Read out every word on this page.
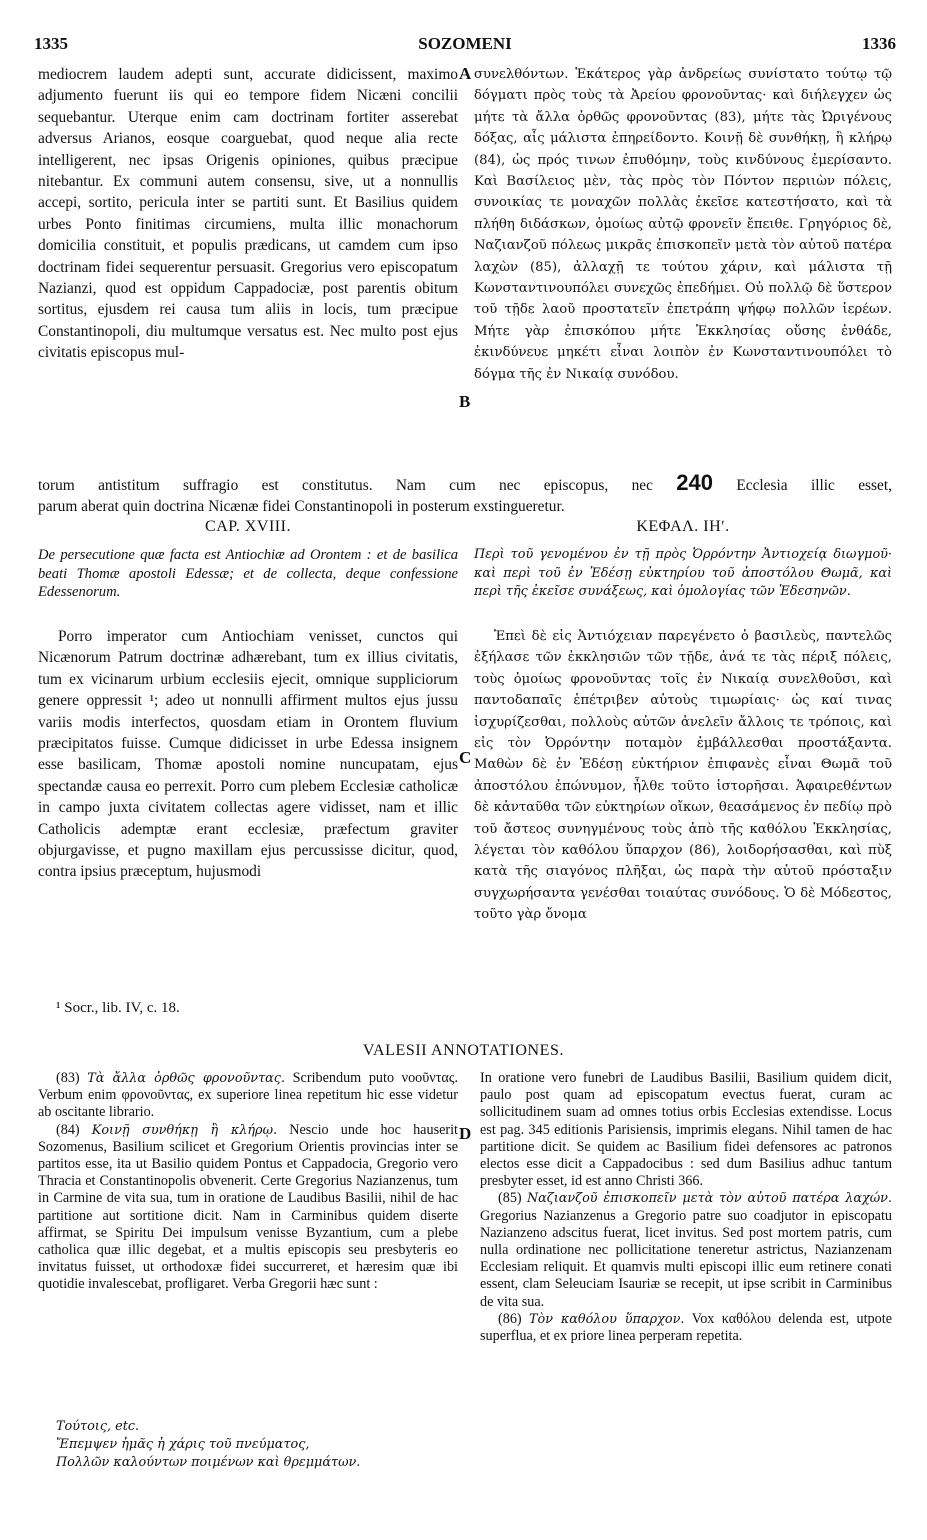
SOZOMENI
1335	1336

mediocrem laudem adepti sunt, accurate didicissent, maximo adjumento fuerunt iis qui eo tempore fidem Nicæni concilii sequebantur. Uterque enim cam doctrinam fortiter asserebat adversus Arianos, eosque coarguebat, quod neque alia recte intelligerent, nec ipsas Origenis opiniones, quibus præcipue nitebantur. Ex communi autem consensu, sive, ut a nonnullis accepi, sortito, pericula inter se partiti sunt. Et Basilius quidem urbes Ponto finitimas circumiens, multa illic monachorum domicilia constituit, et populis prædicans, ut camdem cum ipso doctrinam fidei sequerentur persuasit. Gregorius vero episcopatum Nazianzi, quod est oppidum Cappadociæ, post parentis obitum sortitus, ejusdem rei causa tum aliis in locis, tum præcipue Constantinopoli, diu multumque versatus est. Nec multo post ejus civitatis episcopus mul-

συνελθόντων. Ἑκάτερος γὰρ ἀνδρείως συνίστατο τούτῳ τῷ δόγματι πρὸς τοὺς τὰ Ἀρείου φρονοῦντας· καὶ διήλεγχεν ὡς μήτε τὰ ἄλλα ὀρθῶς φρονοῦντας (83), μήτε τὰς Ὠριγένους δόξας, αἷς μάλιστα ἐπηρείδοντο. Κοινῇ δὲ συνθήκῃ, ἢ κλήρῳ (84), ὡς πρός τινων ἐπυθόμην, τοὺς κινδύνους ἐμερίσαντο. Καὶ Βασίλειος μὲν, τὰς πρὸς τὸν Πόντον περιιὼν πόλεις, συνοικίας τε μοναχῶν πολλὰς ἐκεῖσε κατεστήσατο, καὶ τὰ πλήθη διδάσκων, ὁμοίως αὐτῷ φρονεῖν ἔπειθε. Γρηγόριος δὲ, Ναζιανζοῦ πόλεως μικρᾶς ἐπισκοπεῖν μετὰ τὸν αὐτοῦ πατέρα λαχὼν (85), ἀλλαχῇ τε τούτου χάριν, καὶ μάλιστα τῇ Κωνσταντινουπόλει συνεχῶς ἐπεδήμει. Οὐ πολλῷ δὲ ὕστερον τοῦ τῇδε λαοῦ προστατεῖν ἐπετράπη ψήφῳ πολλῶν ἱερέων. Μήτε γὰρ ἐπισκόπου μήτε Ἐκκλησίας οὔσης ἐνθάδε, ἐκινδύνευε μηκέτι εἶναι λοιπὸν ἐν Κωνσταντινουπόλει τὸ δόγμα τῆς ἐν Νικαίᾳ συνόδου.

A
B
C
D
torum antistitum suffragio est constitutus. Nam cum nec episcopus, nec 240 Ecclesia illic esset,
parum aberat quin doctrina Nicænæ fidei Constantinopoli in posterum exstingueretur.
CAP. XVIII.	ΚΕΦΑΛ. ΙΗʹ.
De persecutione quæ facta est Antiochiæ ad Orontem : et de basilica beati Thomæ apostoli Edessæ; et de collecta, deque confessione Edessenorum.
Περὶ τοῦ γενομένου ἐν τῇ πρὸς Ὀρρόντην Ἀντιοχείᾳ διωγμοῦ· καὶ περὶ τοῦ ἐν Ἐδέσῃ εὐκτηρίου τοῦ ἀποστόλου Θωμᾶ, καὶ περὶ τῆς ἐκεῖσε συνάξεως, καὶ ὁμολογίας τῶν Ἐδεσηνῶν.

Porro imperator cum Antiochiam venisset, cunctos qui Nicænorum Patrum doctrinæ adhærebant, tum ex illius civitatis, tum ex vicinarum urbium ecclesiis ejecit, omnique suppliciorum genere oppressit ¹; adeo ut nonnulli affirment multos ejus jussu variis modis interfectos, quosdam etiam in Orontem fluvium præcipitatos fuisse. Cumque didicisset in urbe Edessa insignem esse basilicam, Thomæ apostoli nomine nuncupatam, ejus spectandæ causa eo perrexit. Porro cum plebem Ecclesiæ catholicæ in campo juxta civitatem collectas agere vidisset, nam et illic Catholicis ademptæ erant ecclesiæ, præfectum graviter objurgavisse, et pugno maxillam ejus percussisse dicitur, quod, contra ipsius præceptum, hujusmodi

Ἐπεὶ δὲ εἰς Ἀντιόχειαν παρεγένετο ὁ βασιλεὺς, παντελῶς ἐξήλασε τῶν ἐκκλησιῶν τῶν τῇδε, ἀνά τε τὰς πέριξ πόλεις, τοὺς ὁμοίως φρονοῦντας τοῖς ἐν Νικαίᾳ συνελθοῦσι, καὶ παντοδαπαῖς ἐπέτριβεν αὐτοὺς τιμωρίαις· ὡς καί τινας ἰσχυρίζεσθαι, πολλοὺς αὐτῶν ἀνελεῖν ἄλλοις τε τρόποις, καὶ εἰς τὸν Ὀρρόντην ποταμὸν ἐμβάλλεσθαι προστάξαντα. Μαθὼν δὲ ἐν Ἐδέσῃ εὐκτήριον ἐπιφανὲς εἶναι Θωμᾶ τοῦ ἀποστόλου ἐπώνυμον, ἦλθε τοῦτο ἱστορῆσαι. Ἀφαιρεθέντων δὲ κἀνταῦθα τῶν εὐκτηρίων οἴκων, θεασάμενος ἐν πεδίῳ πρὸ τοῦ ἄστεος συνηγμένους τοὺς ἀπὸ τῆς καθόλου Ἐκκλησίας, λέγεται τὸν καθόλου ὕπαρχον (86), λοιδορήσασθαι, καὶ πὺξ κατὰ τῆς σιαγόνος πλῆξαι, ὡς παρὰ τὴν αὐτοῦ πρόσταξιν συγχωρήσαντα γενέσθαι τοιαύτας συνόδους. Ὁ δὲ Μόδεστος, τοῦτο γὰρ ὄνομα

¹ Socr., lib. IV, c. 18.
VALESII ANNOTATIONES.

(83) Τὰ ἄλλα ὀρθῶς φρονοῦντας. Scribendum puto νοοῦντας. Verbum enim φρονοῦντας, ex superiore linea repetitum hic esse videtur ab oscitante librario.

(84) Κοινῇ συνθήκῃ ἢ κλήρῳ. Nescio unde hoc hauserit Sozomenus, Basilium scilicet et Gregorium Orientis provincias inter se partitos esse, ita ut Basilio quidem Pontus et Cappadocia, Gregorio vero Thracia et Constantinopolis obvenerit. Certe Gregorius Nazianzenus, tum in Carmine de vita sua, tum in oratione de Laudibus Basilii, nihil de hac partitione aut sortitione dicit. Nam in Carminibus quidem diserte affirmat, se Spiritu Dei impulsum venisse Byzantium, cum a plebe catholica quæ illic degebat, et a multis episcopis seu presbyteris eo invitatus fuisset, ut orthodoxæ fidei succurreret, et hæresim quæ ibi quotidie invalescebat, profligaret. Verba Gregorii hæc sunt :

Τούτοις, etc.
Ἔπεμψεν ἡμᾶς ἡ χάρις τοῦ πνεύματος,
Πολλῶν καλούντων ποιμένων καὶ θρεμμάτων.

In oratione vero funebri de Laudibus Basilii, Basilium quidem dicit, paulo post quam ad episcopatum evectus fuerat, curam ac sollicitudinem suam ad omnes totius orbis Ecclesias extendisse. Locus est pag. 345 editionis Parisiensis, imprimis elegans. Nihil tamen de hac partitione dicit. Se quidem ac Basilium fidei defensores ac patronos electos esse dicit a Cappadocibus : sed dum Basilius adhuc tantum presbyter esset, id est anno Christi 366.

(85) Ναζιανζοῦ ἐπισκοπεῖν μετὰ τὸν αὐτοῦ πατέρα λαχών. Gregorius Nazianzenus a Gregorio patre suo coadjutor in episcopatu Nazianzeno adscitus fuerat, licet invitus. Sed post mortem patris, cum nulla ordinatione nec pollicitatione teneretur astrictus, Nazianzenam Ecclesiam reliquit. Et quamvis multi episcopi illic eum retinere conati essent, clam Seleuciam Isauriæ se recepit, ut ipse scribit in Carminibus de vita sua.

(86) Τὸν καθόλου ὕπαρχον. Vox καθόλου delenda est, utpote superflua, et ex priore linea perperam repetita.
